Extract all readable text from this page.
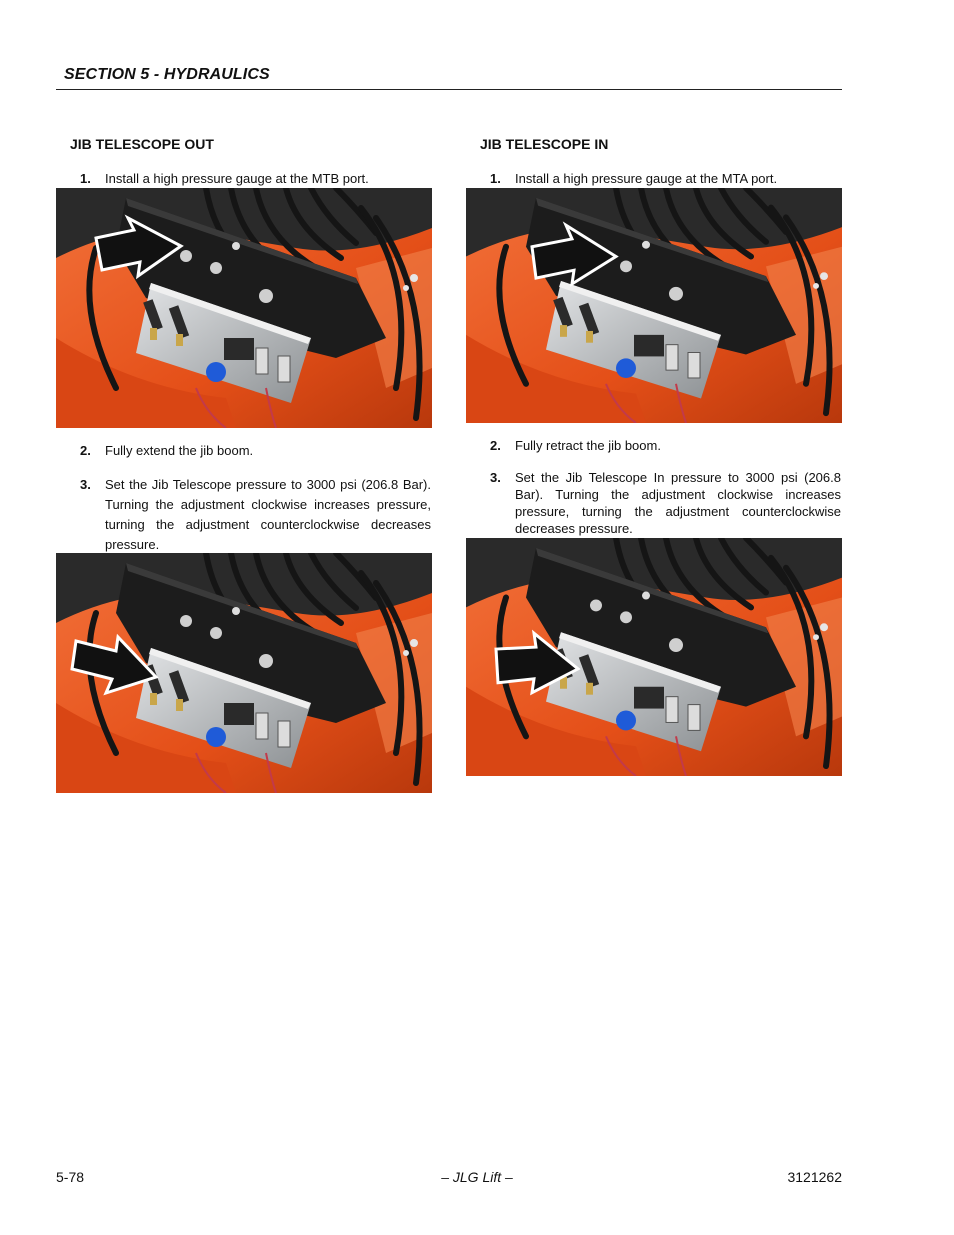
SECTION 5 - HYDRAULICS
JIB TELESCOPE OUT
1. Install a high pressure gauge at the MTB port.
2. Fully extend the jib boom.
3. Set the Jib Telescope pressure to 3000 psi (206.8 Bar). Turning the adjustment clockwise increases pressure, turning the adjustment counterclockwise decreases pressure.
JIB TELESCOPE IN
1. Install a high pressure gauge at the MTA port.
2. Fully retract the jib boom.
3. Set the Jib Telescope In pressure to 3000 psi (206.8 Bar). Turning the adjustment clockwise increases pressure, turning the adjustment counterclockwise decreases pressure.
5-78	– JLG Lift –	3121262
